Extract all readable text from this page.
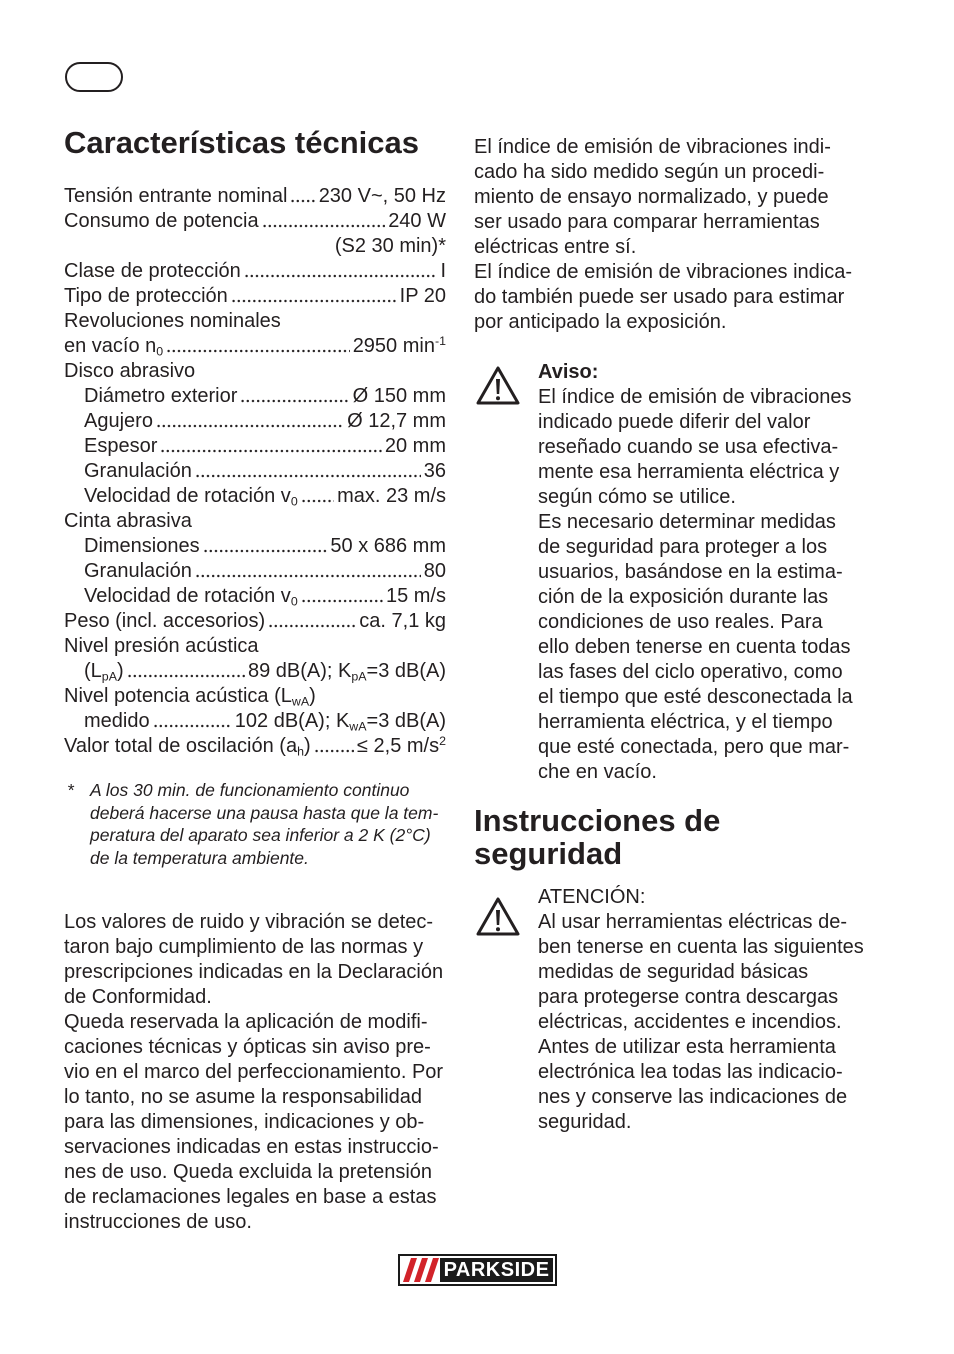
Características técnicas
Tensión entrante nominal 230 V~, 50 Hz
Consumo de potencia	240 W
(S2 30 min)*
Clase de protección	I
Tipo de protección	IP 20
Revoluciones nominales
en vacío $n_0$	2950 $\min^{-1}$
Disco abrasivo
Diámetro exterior	Ø 150 mm
Agujero	Ø 12,7 mm
Espesor	20 mm
Granulación	36
Velocidad de rotación $v_0$ max. 23 m/s
Cinta abrasiva
Dimensiones	50 x 686 mm
Granulación	80
Velocidad de rotación $v_0$	15 m/s
Peso (incl. accesorios)	ca. 7,1 kg
Nivel presión acústica
$(L_{pA})$	89 dB(A); $K_{pA}=3$ dB(A)
Nivel potencia acústica $(L_{wA})$
medido	102 dB(A); $K_{wA}=3$ dB(A)
Valor total de oscilación $(a_h) \le 2,5$ $m/s^2$
* A los 30 min. de funcionamiento continuo
deberá hacerse una pausa hasta que la tem-
peratura del aparato sea inferior a 2 K (2°C)
de la temperatura ambiente.
Los valores de ruido y vibración se detec-
taron bajo cumplimiento de las normas y
prescripciones indicadas en la Declaración
de Conformidad.
Queda reservada la aplicación de modifi-
caciones técnicas y ópticas sin aviso pre-
vio en el marco del perfeccionamiento. Por
lo tanto, no se asume la responsabilidad
para las dimensiones, indicaciones y ob-
servaciones indicadas en estas instruccio-
nes de uso. Queda excluida la pretensión
de reclamaciones legales en base a estas
instrucciones de uso.
El índice de emisión de vibraciones indi-
cado ha sido medido según un procedi-
miento de ensayo normalizado, y puede
ser usado para comparar herramientas
eléctricas entre sí.
El índice de emisión de vibraciones indica-
do también puede ser usado para estimar
por anticipado la exposición.
Aviso:
El índice de emisión de vibraciones
indicado puede diferir del valor
reseñado cuando se usa efectiva-
mente esa herramienta eléctrica y
según cómo se utilice.
Es necesario determinar medidas
de seguridad para proteger a los
usuarios, basándose en la estima-
ción de la exposición durante las
condiciones de uso reales. Para
ello deben tenerse en cuenta todas
las fases del ciclo operativo, como
el tiempo que esté desconectada la
herramienta eléctrica, y el tiempo
que esté conectada, pero que mar-
che en vacío.
Instrucciones de
seguridad
ATENCIÓN:
Al usar herramientas eléctricas de-
ben tenerse en cuenta las siguientes
medidas de seguridad básicas
para protegerse contra descargas
eléctricas, accidentes e incendios.
Antes de utilizar esta herramienta
electrónica lea todas las indicacio-
nes y conserve las indicaciones de
seguridad.
PARKSIDE
